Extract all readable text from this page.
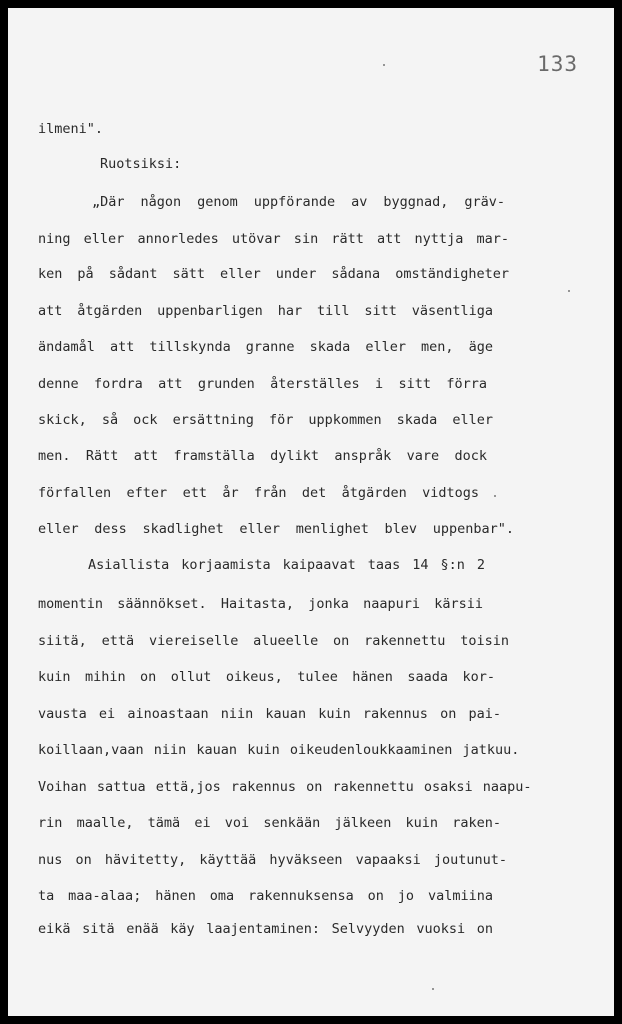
133
ilmeni".
Ruotsiksi:
„Där någon genom uppförande av byggnad, gräv-
ning eller annorledes utövar sin rätt att nyttja mar-
ken på sådant sätt eller under sådana omständigheter
att åtgärden uppenbarligen har till sitt väsentliga
ändamål att tillskynda granne skada eller men, äge
denne fordra att grunden återställes i sitt förra
skick, så ock ersättning för uppkommen skada eller
men. Rätt att framställa dylikt anspråk vare dock
förfallen efter ett år från det åtgärden vidtogs
eller dess skadlighet eller menlighet blev uppenbar".
Asiallista korjaamista kaipaavat taas 14 §:n 2
momentin säännökset. Haitasta, jonka naapuri kärsii
siitä, että viereiselle alueelle on rakennettu toisin
kuin mihin on ollut oikeus, tulee hänen saada kor-
vausta ei ainoastaan niin kauan kuin rakennus on pai-
koillaan,vaan niin kauan kuin oikeudenloukkaaminen jatkuu.
Voihan sattua että,jos rakennus on rakennettu osaksi naapu-
rin maalle, tämä ei voi senkään jälkeen kuin raken-
nus on hävitetty, käyttää hyväkseen vapaaksi joutunut-
ta maa-alaa; hänen oma rakennuksensa on jo valmiina
eikä sitä enää käy laajentaminen: Selvyyden vuoksi on
